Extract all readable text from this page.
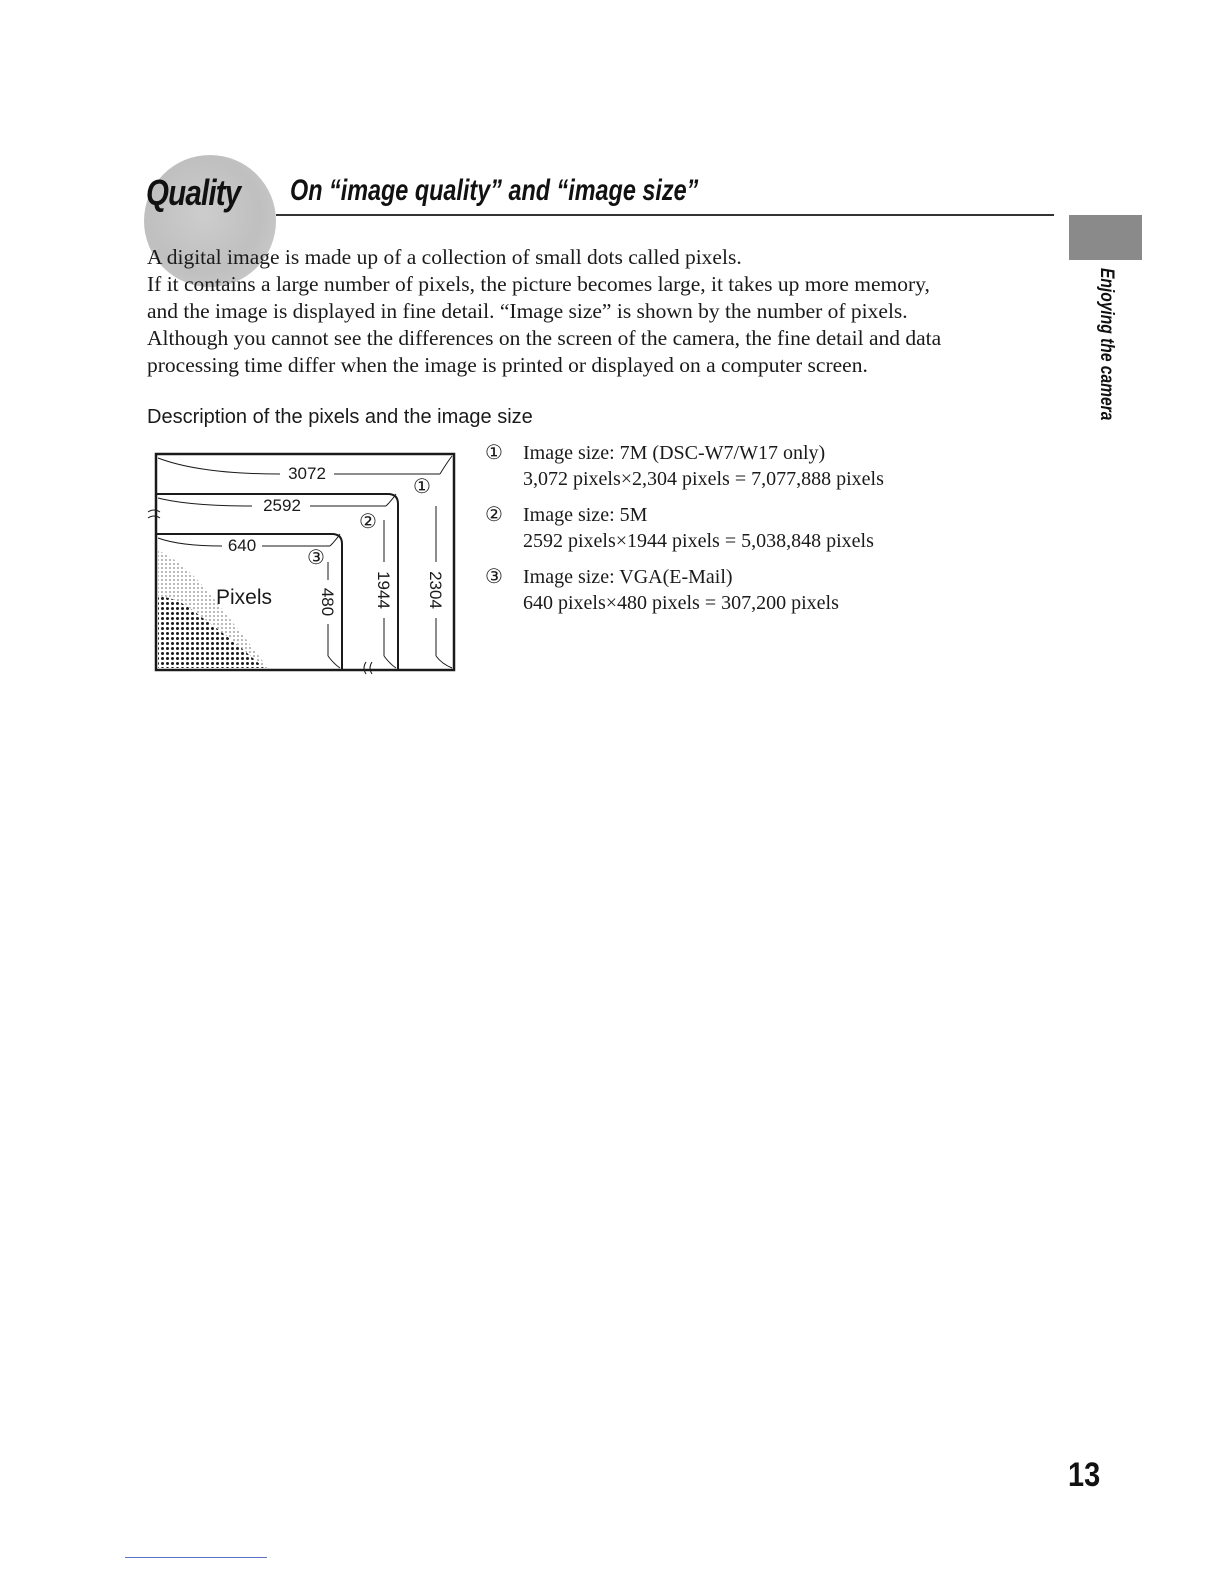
Quality On “image quality” and “image size”

A digital image is made up of a collection of small dots called pixels.

If it contains a large number of pixels, the picture becomes large, it takes up more memory,

and the image is displayed in fine detail. “Image size” is shown by the number of pixels.

Although you cannot see the differences on the screen of the camera, the fine detail and data

processing time differ when the image is printed or displayed on a computer screen.

Description of the pixels and the image size
3072
2592
640
2304
1944
480
①
②
③
Pixels
①	Image size: 7M (DSC-W7/W17 only)
3,072 pixels×2,304 pixels = 7,077,888 pixels
②	Image size: 5M
2592 pixels×1944 pixels = 5,038,848 pixels
③	Image size: VGA(E-Mail)
640 pixels×480 pixels = 307,200 pixels
Enjoying the camera
13
